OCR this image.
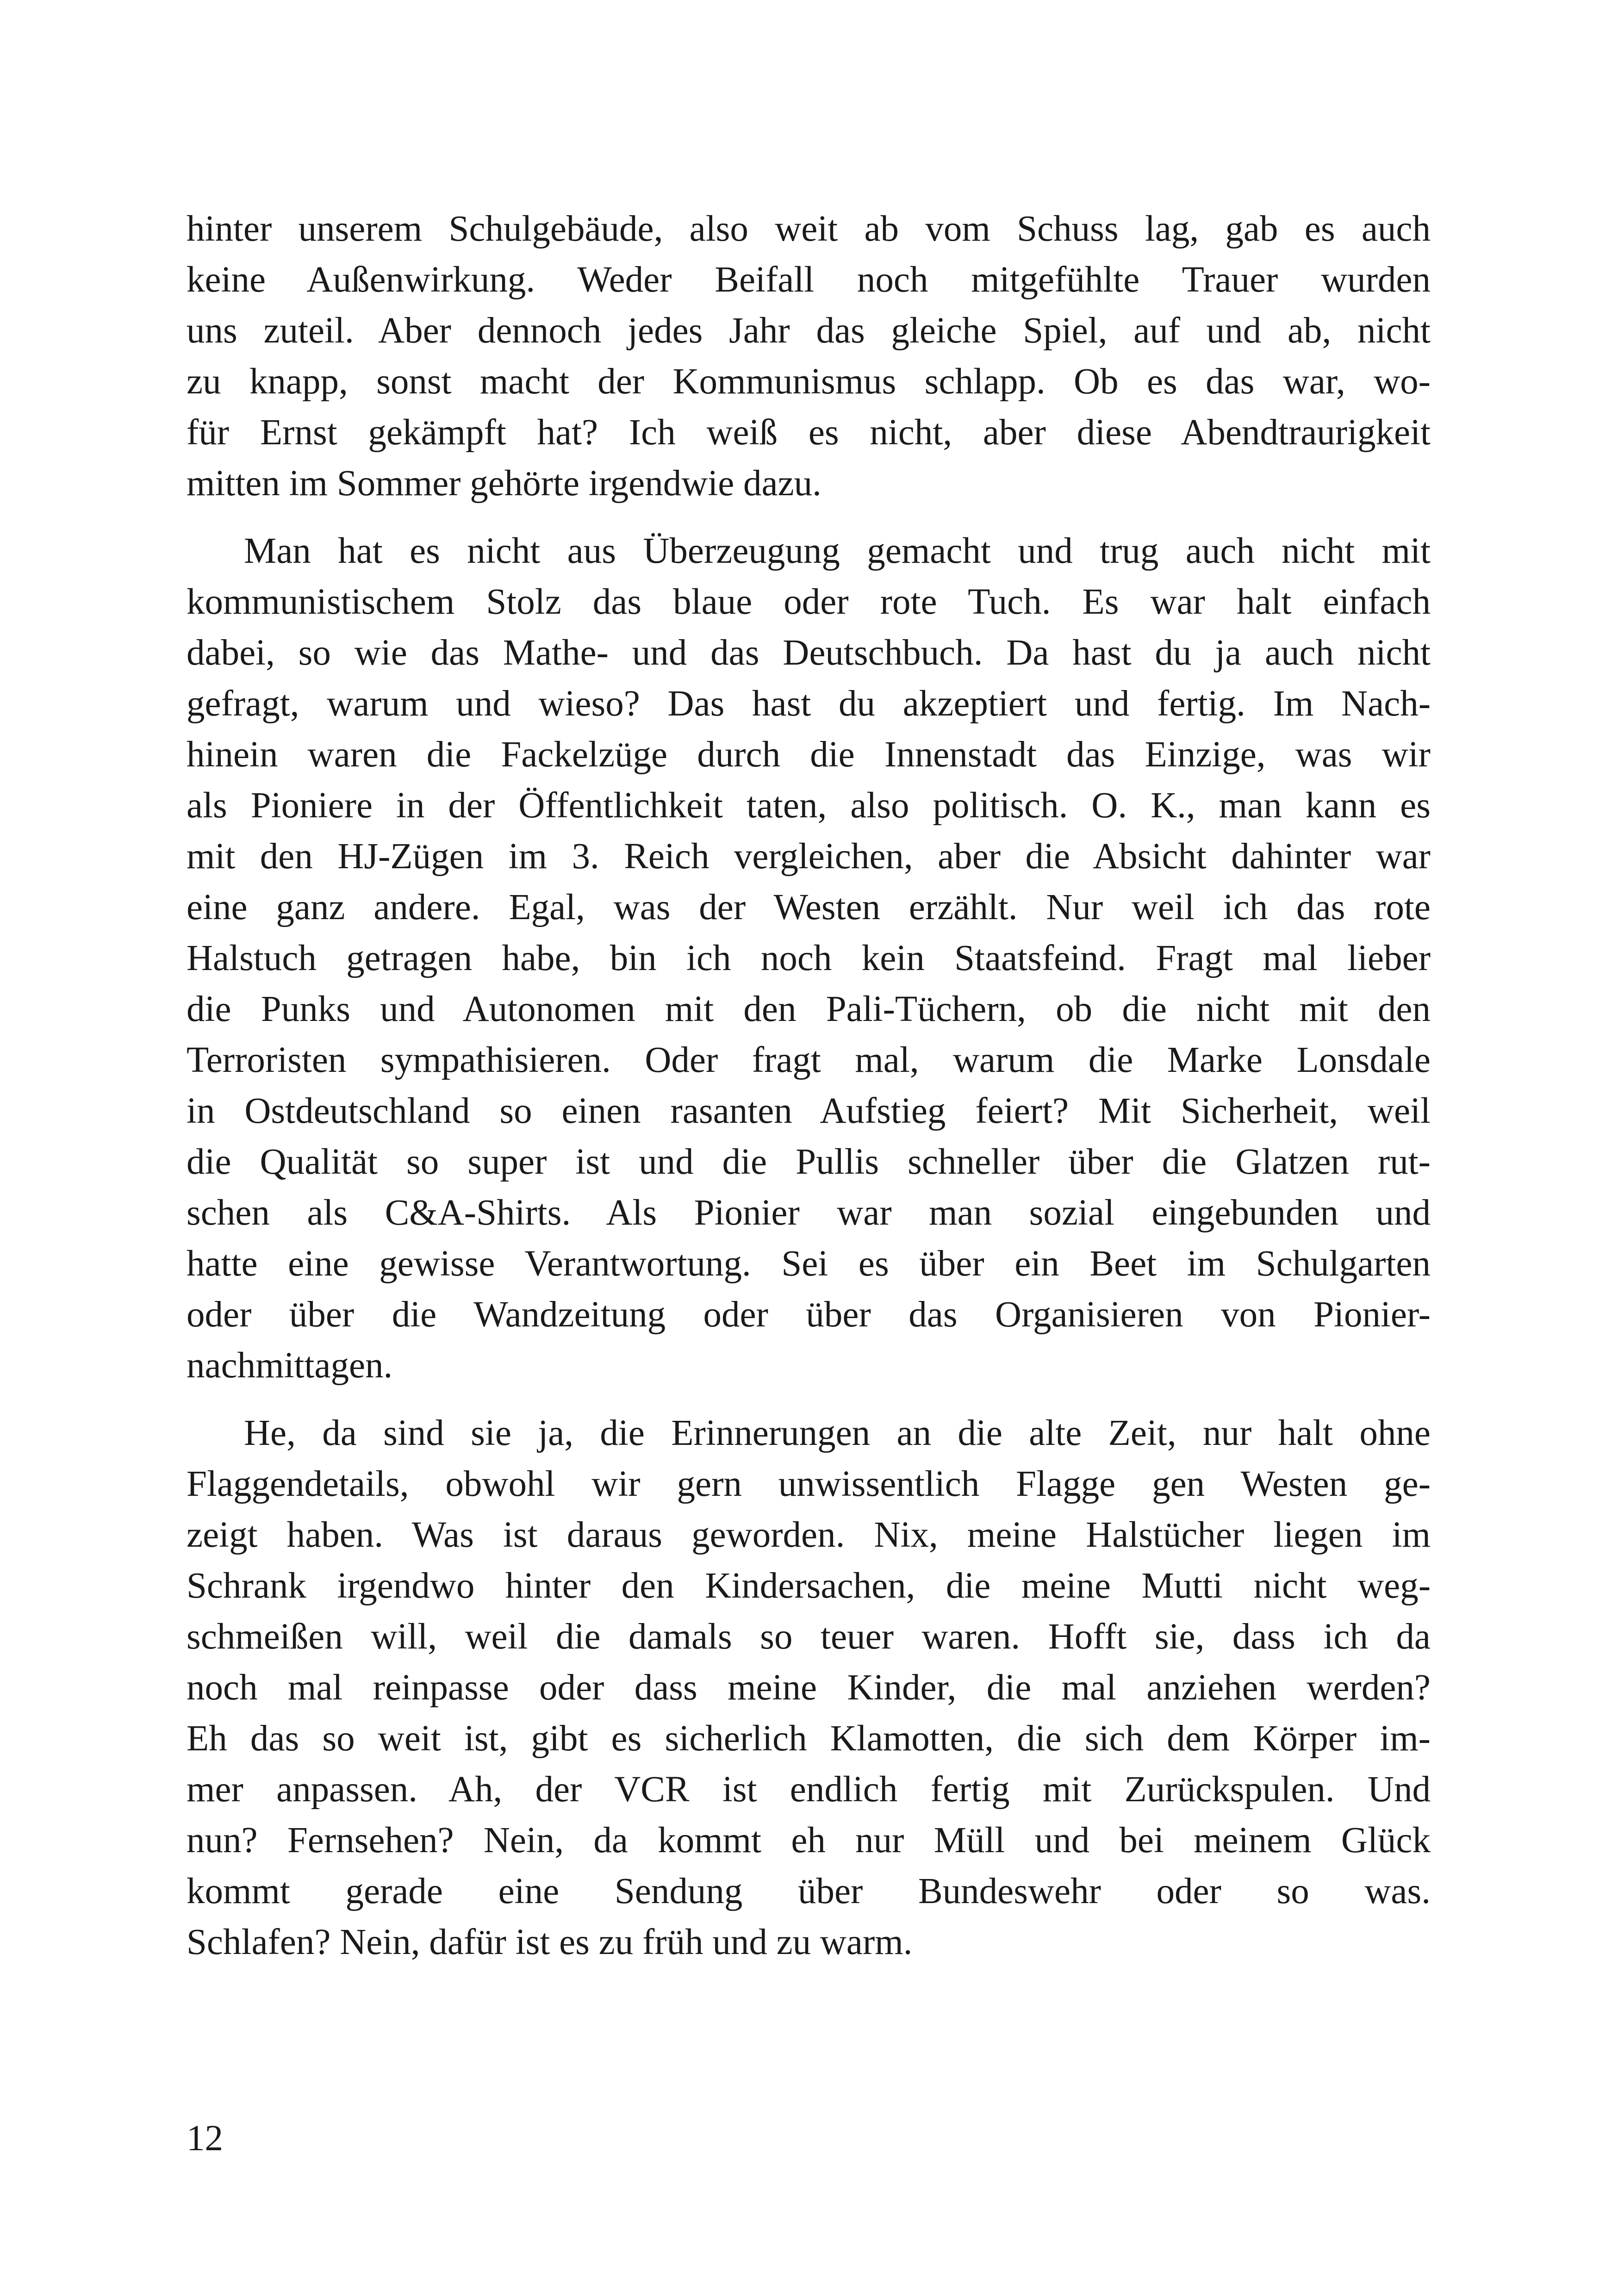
hinter unserem Schulgebäude, also weit ab vom Schuss lag, gab es auch
keine Außenwirkung. Weder Beifall noch mitgefühlte Trauer wurden
uns zuteil. Aber dennoch jedes Jahr das gleiche Spiel, auf und ab, nicht
zu knapp, sonst macht der Kommunismus schlapp. Ob es das war, wo-
für Ernst gekämpft hat? Ich weiß es nicht, aber diese Abendtraurigkeit
mitten im Sommer gehörte irgendwie dazu.
Man hat es nicht aus Überzeugung gemacht und trug auch nicht mit
kommunistischem Stolz das blaue oder rote Tuch. Es war halt einfach
dabei, so wie das Mathe- und das Deutschbuch. Da hast du ja auch nicht
gefragt, warum und wieso? Das hast du akzeptiert und fertig. Im Nach-
hinein waren die Fackelzüge durch die Innenstadt das Einzige, was wir
als Pioniere in der Öffentlichkeit taten, also politisch. O. K., man kann es
mit den HJ-Zügen im 3. Reich vergleichen, aber die Absicht dahinter war
eine ganz andere. Egal, was der Westen erzählt. Nur weil ich das rote
Halstuch getragen habe, bin ich noch kein Staatsfeind. Fragt mal lieber
die Punks und Autonomen mit den Pali-Tüchern, ob die nicht mit den
Terroristen sympathisieren. Oder fragt mal, warum die Marke Lonsdale
in Ostdeutschland so einen rasanten Aufstieg feiert? Mit Sicherheit, weil
die Qualität so super ist und die Pullis schneller über die Glatzen rut-
schen als C&A-Shirts. Als Pionier war man sozial eingebunden und
hatte eine gewisse Verantwortung. Sei es über ein Beet im Schulgarten
oder über die Wandzeitung oder über das Organisieren von Pionier-
nachmittagen.
He, da sind sie ja, die Erinnerungen an die alte Zeit, nur halt ohne
Flaggendetails, obwohl wir gern unwissentlich Flagge gen Westen ge-
zeigt haben. Was ist daraus geworden. Nix, meine Halstücher liegen im
Schrank irgendwo hinter den Kindersachen, die meine Mutti nicht weg-
schmeißen will, weil die damals so teuer waren. Hofft sie, dass ich da
noch mal reinpasse oder dass meine Kinder, die mal anziehen werden?
Eh das so weit ist, gibt es sicherlich Klamotten, die sich dem Körper im-
mer anpassen. Ah, der VCR ist endlich fertig mit Zurückspulen. Und
nun? Fernsehen? Nein, da kommt eh nur Müll und bei meinem Glück
kommt gerade eine Sendung über Bundeswehr oder so was.
Schlafen? Nein, dafür ist es zu früh und zu warm.
12
